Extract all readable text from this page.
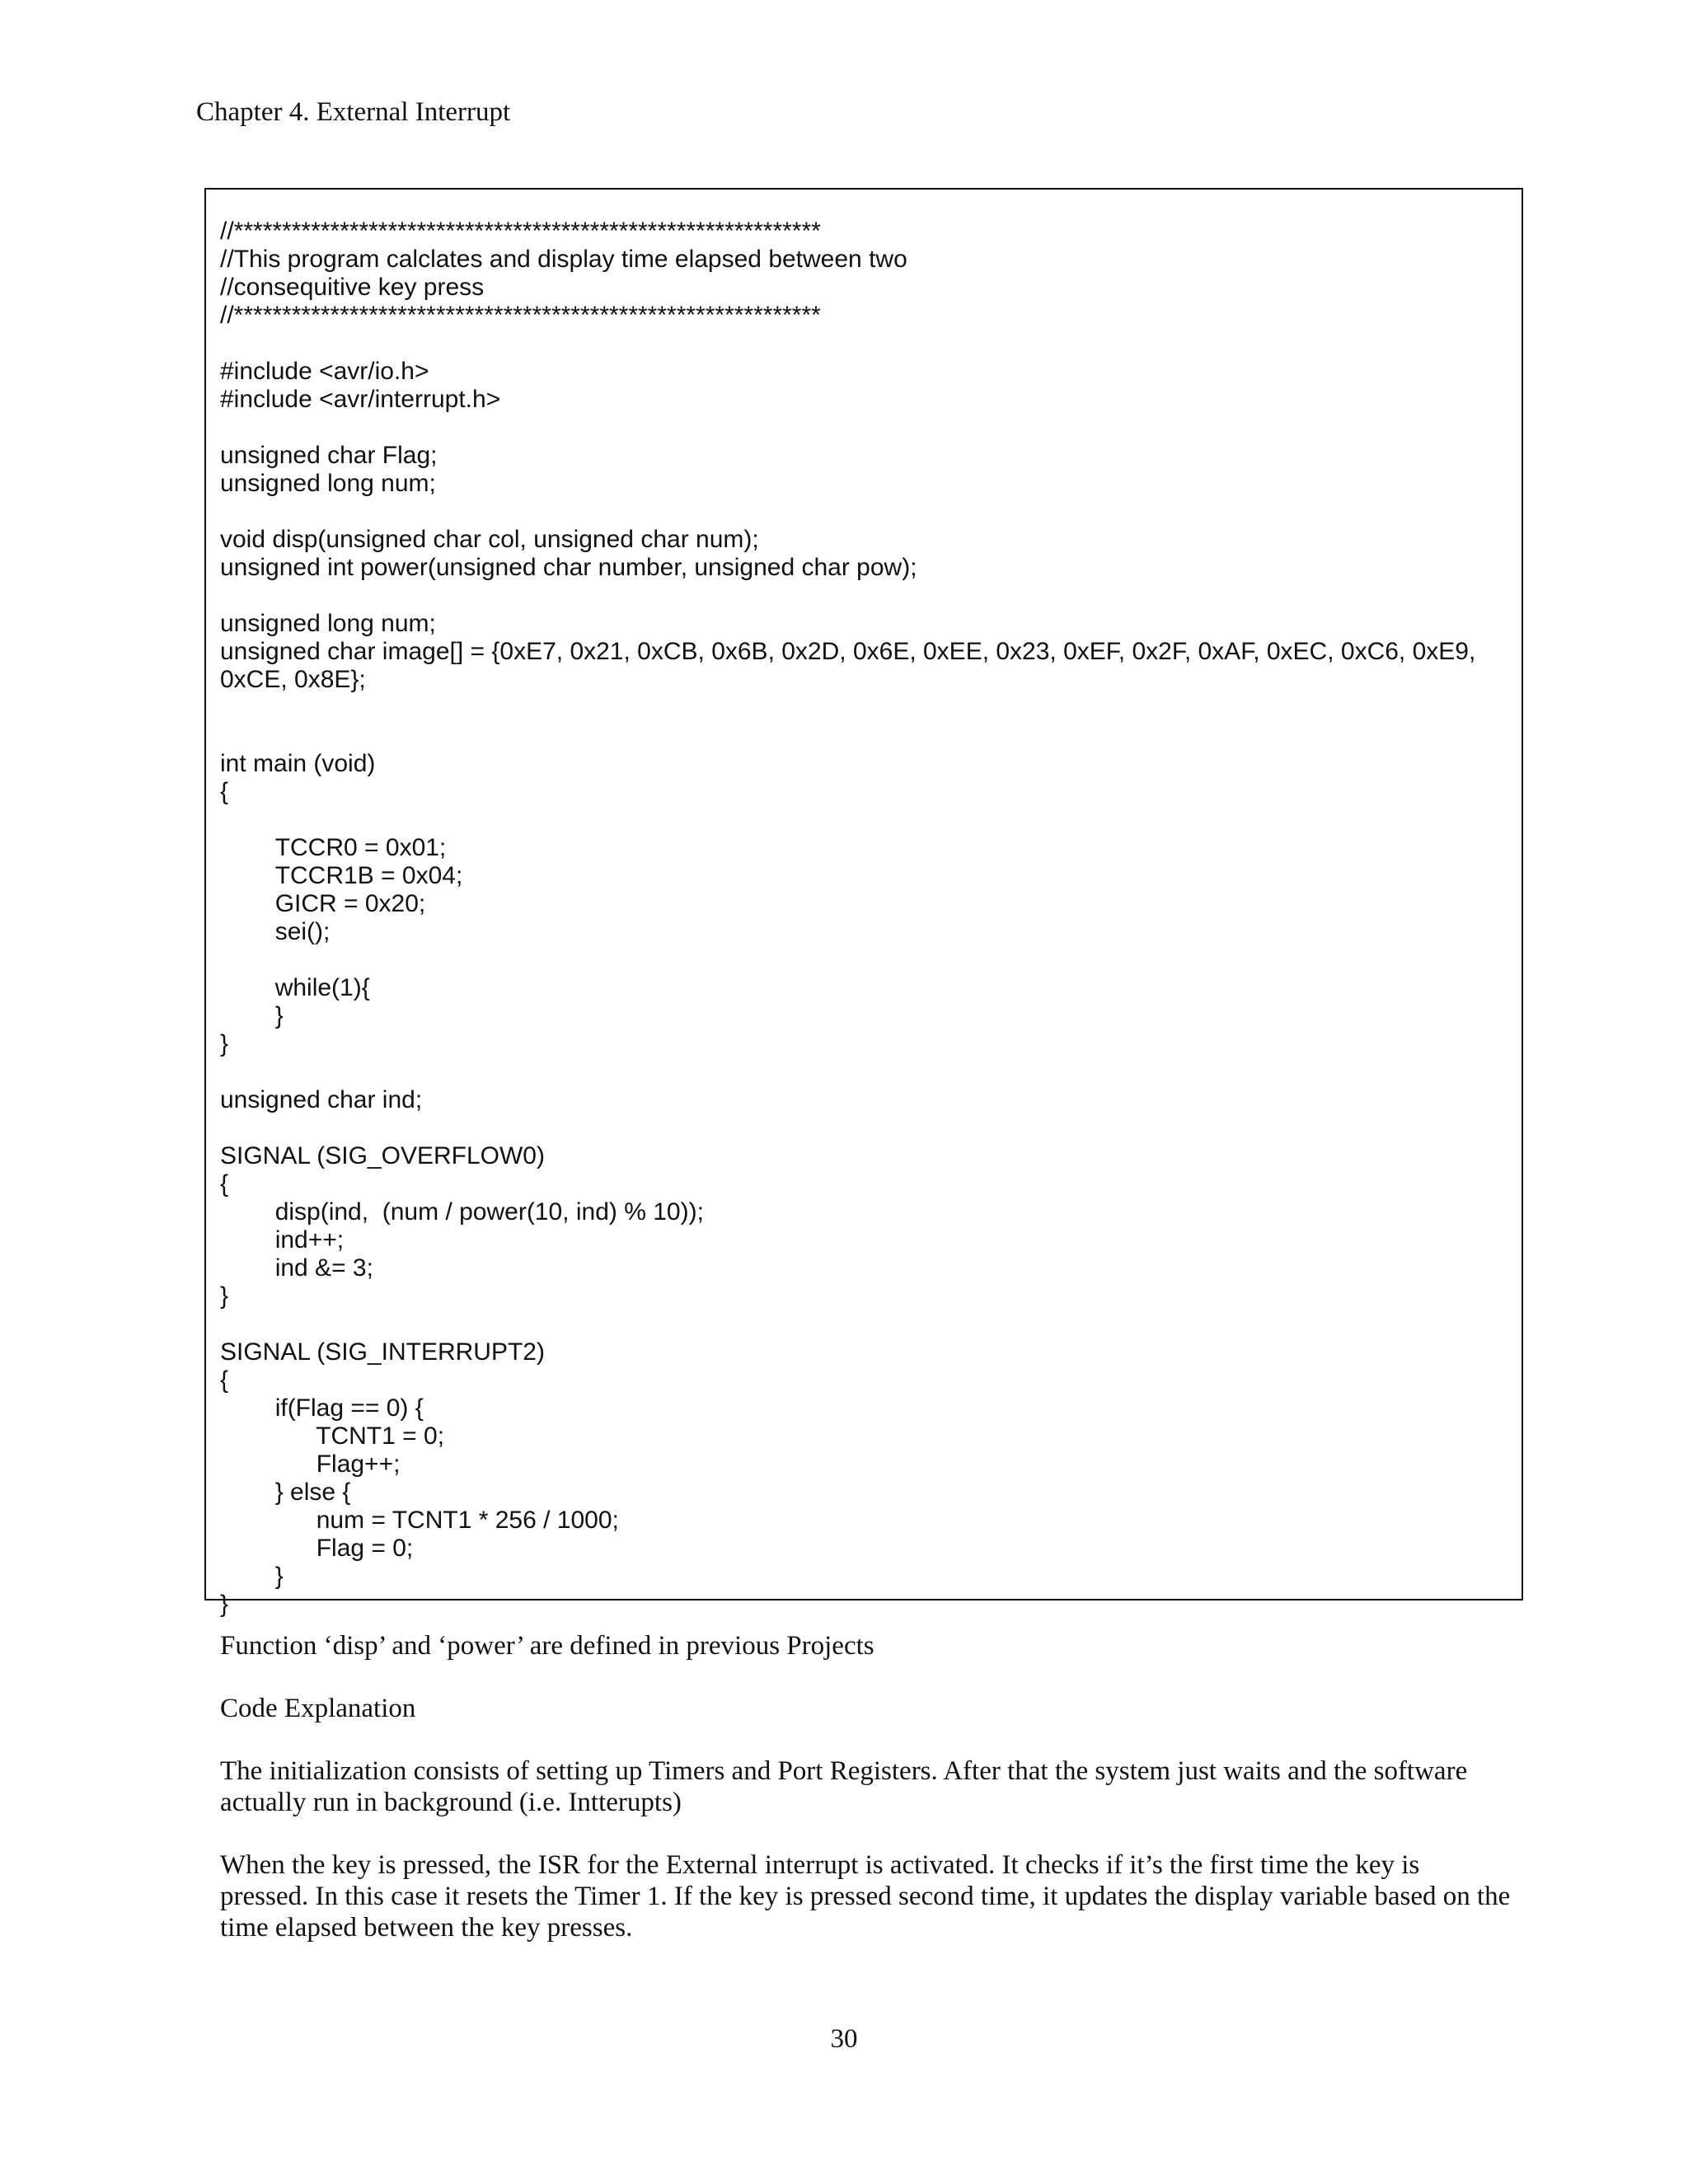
Chapter 4. External Interrupt
//*************************************************************
//This program calclates and display time elapsed between two
//consequitive key press
//*************************************************************
#include <avr/io.h>
#include <avr/interrupt.h>
unsigned char Flag;
unsigned long num;
void disp(unsigned char col, unsigned char num);
unsigned int power(unsigned char number, unsigned char pow);
unsigned long num;
unsigned char image[] = {0xE7, 0x21, 0xCB, 0x6B, 0x2D, 0x6E, 0xEE, 0x23, 0xEF, 0x2F, 0xAF, 0xEC, 0xC6, 0xE9,
0xCE, 0x8E};
int main (void)
{
	TCCR0 = 0x01;
	TCCR1B = 0x04;
	GICR = 0x20;
	sei();
	while(1){
	}
}
unsigned char ind;
SIGNAL (SIG_OVERFLOW0)
{
	disp(ind,  (num / power(10, ind) % 10));
	ind++;
	ind &= 3;
}
SIGNAL (SIG_INTERRUPT2)
{
	if(Flag == 0) {
	TCNT1 = 0;
	Flag++;
	} else {
	num = TCNT1 * 256 / 1000;
	Flag = 0;
	}
}
Function ‘disp’ and ‘power’ are defined in previous Projects
Code Explanation
The initialization consists of setting up Timers and Port Registers. After that the system just waits and the software actually run in background (i.e. Intterupts)
When the key is pressed, the ISR for the External interrupt is activated. It checks if it’s the first time the key is pressed. In this case it resets the Timer 1. If the key is pressed second time, it updates the display variable based on the time elapsed between the key presses.
30
